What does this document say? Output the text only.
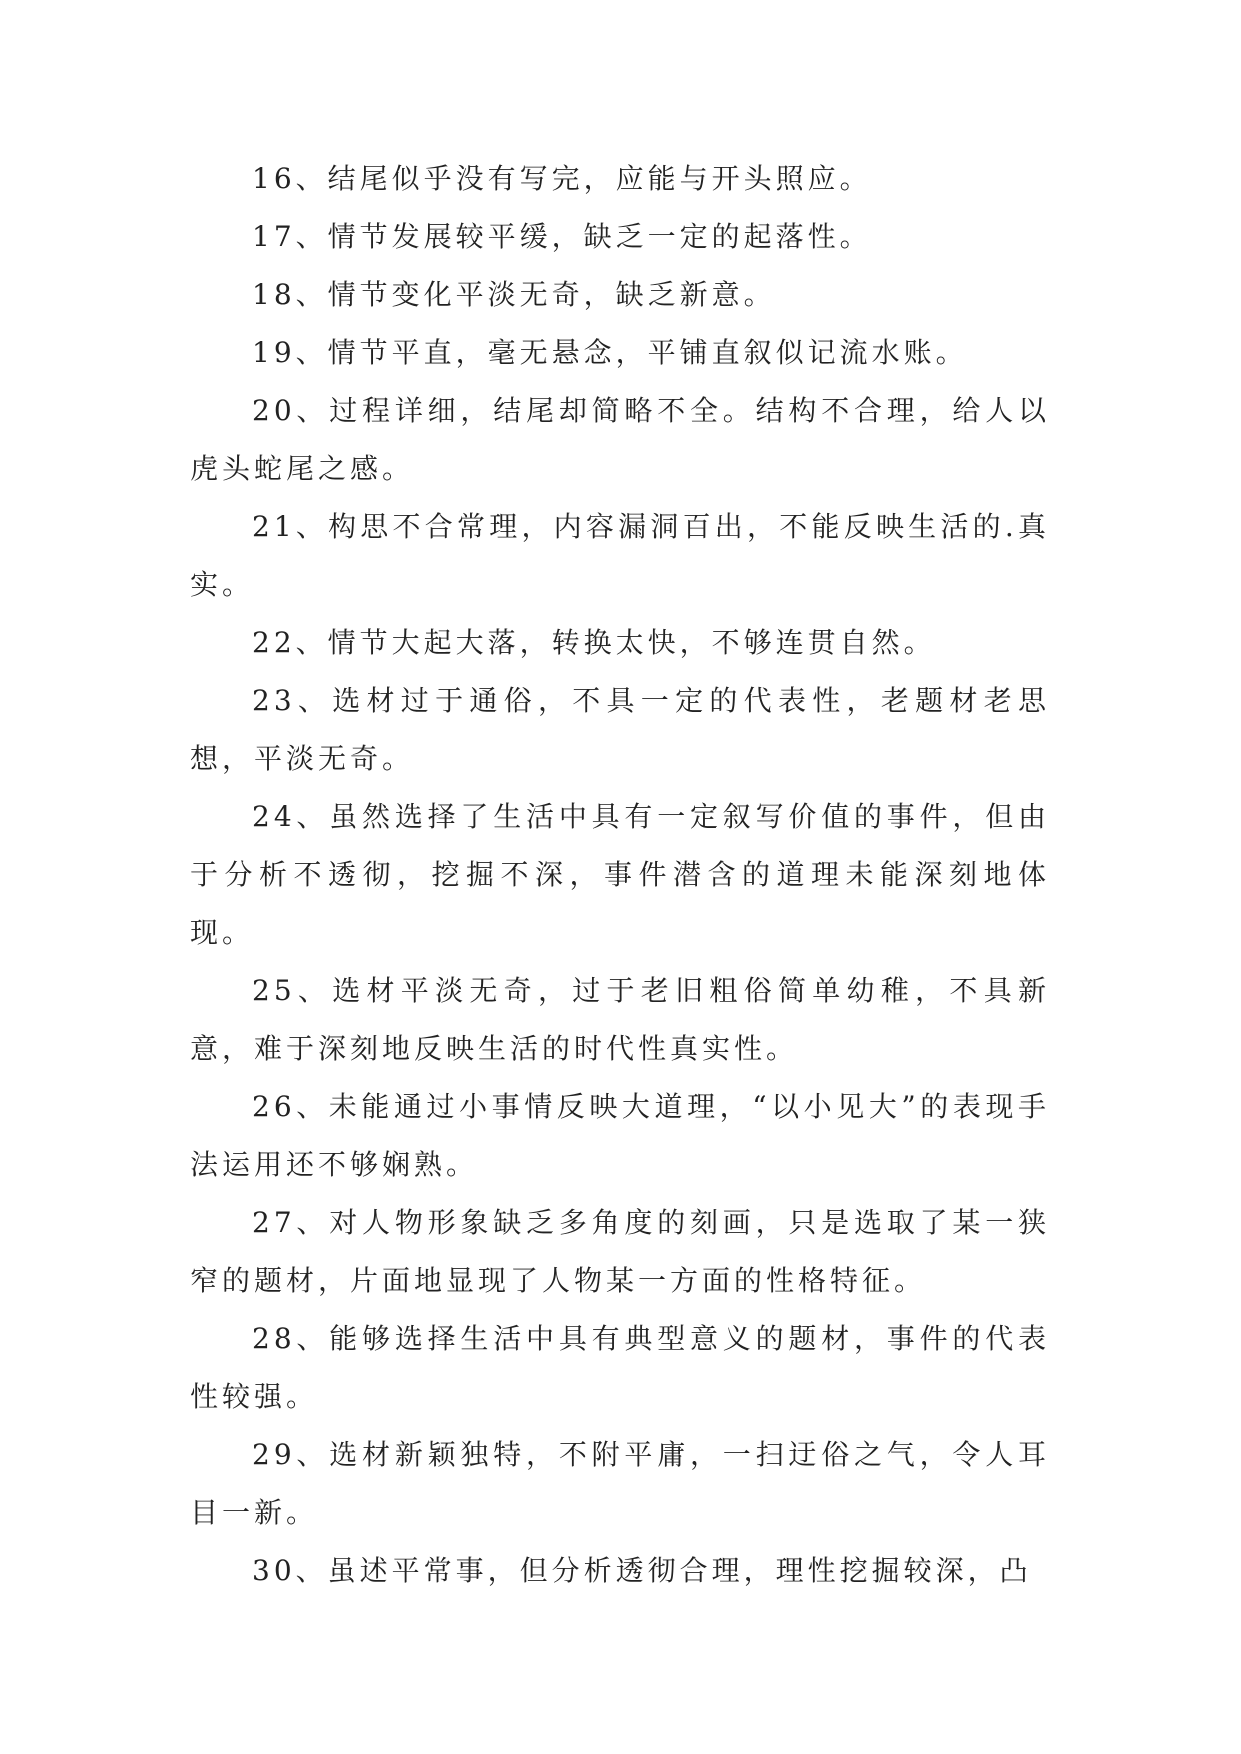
16、结尾似乎没有写完，应能与开头照应。

17、情节发展较平缓，缺乏一定的起落性。

18、情节变化平淡无奇，缺乏新意。

19、情节平直，毫无悬念，平铺直叙似记流水账。

20、过程详细，结尾却简略不全。结构不合理，给人以虎头蛇尾之感。

21、构思不合常理，内容漏洞百出，不能反映生活的.真实。

22、情节大起大落，转换太快，不够连贯自然。

23、选材过于通俗，不具一定的代表性，老题材老思想，平淡无奇。

24、虽然选择了生活中具有一定叙写价值的事件，但由于分析不透彻，挖掘不深，事件潜含的道理未能深刻地体现。

25、选材平淡无奇，过于老旧粗俗简单幼稚，不具新意，难于深刻地反映生活的时代性真实性。

26、未能通过小事情反映大道理，“以小见大”的表现手法运用还不够娴熟。

27、对人物形象缺乏多角度的刻画，只是选取了某一狭窄的题材，片面地显现了人物某一方面的性格特征。

28、能够选择生活中具有典型意义的题材，事件的代表性较强。

29、选材新颖独特，不附平庸，一扫迂俗之气，令人耳目一新。

30、虽述平常事，但分析透彻合理，理性挖掘较深，凸
